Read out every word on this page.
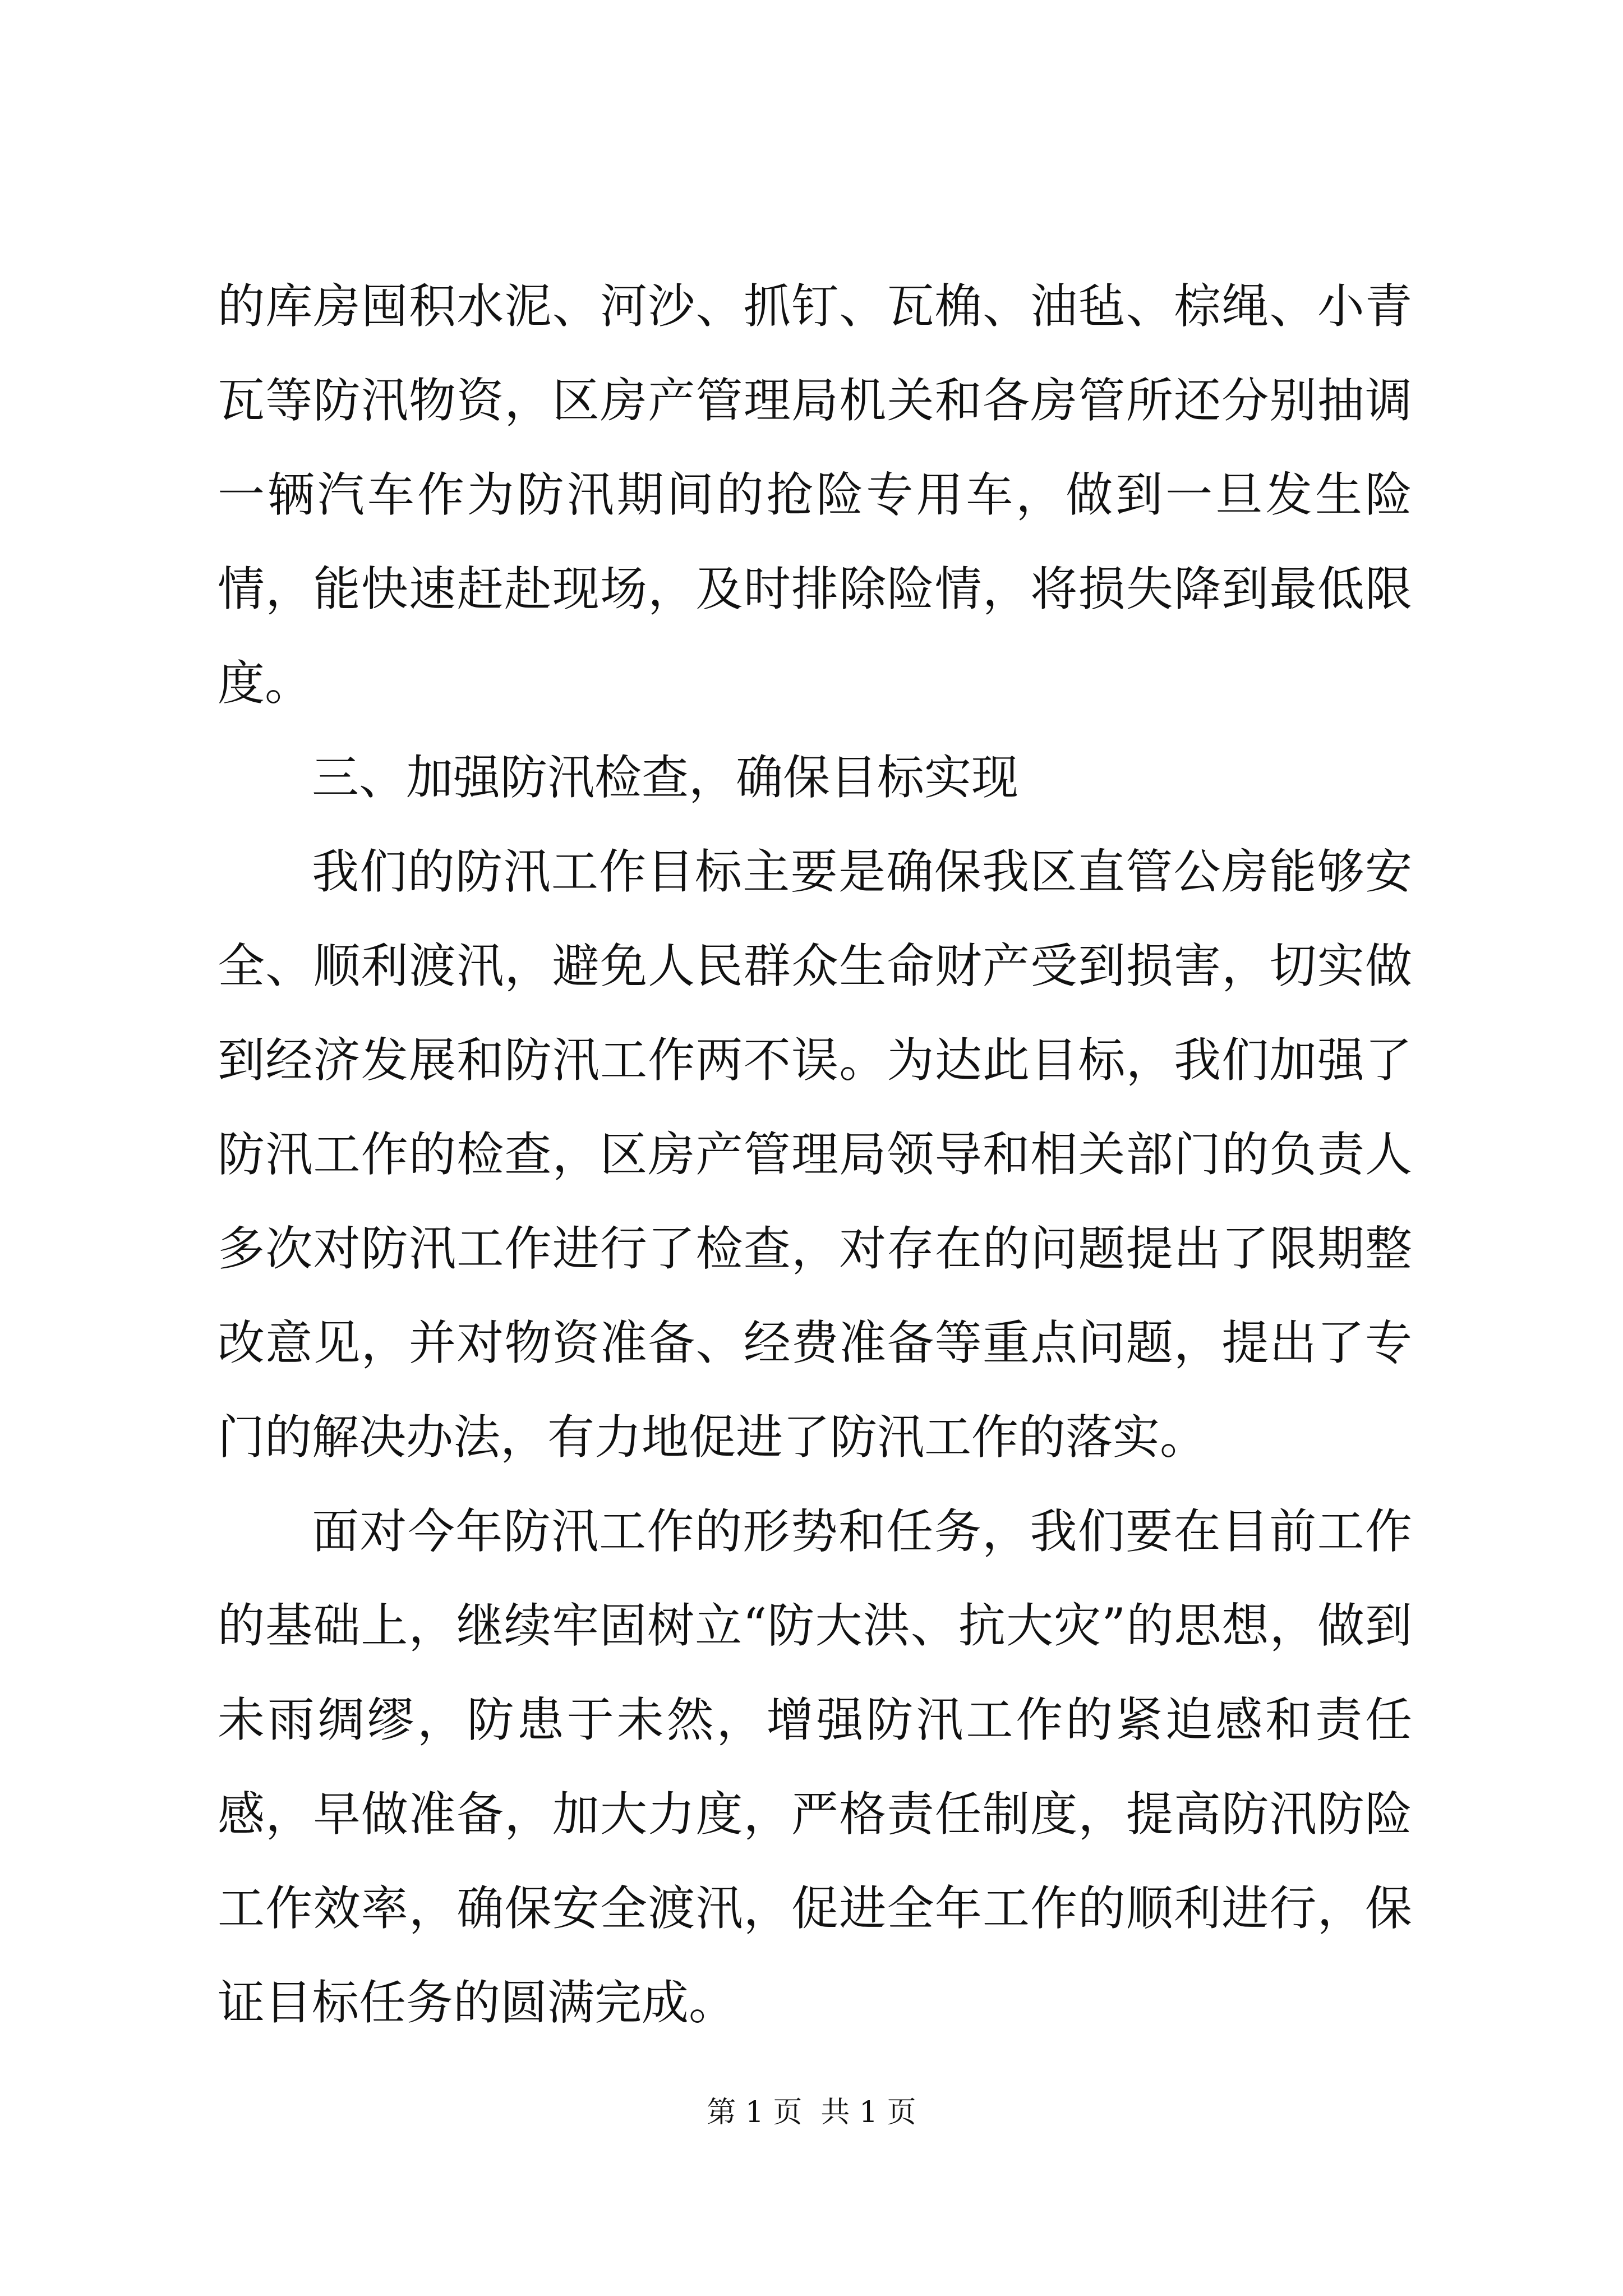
的库房囤积水泥、河沙、抓钉、瓦桷、油毡、棕绳、小青瓦等防汛物资，区房产管理局机关和各房管所还分别抽调一辆汽车作为防汛期间的抢险专用车，做到一旦发生险情，能快速赶赴现场，及时排除险情，将损失降到最低限度。

三、加强防汛检查，确保目标实现

我们的防汛工作目标主要是确保我区直管公房能够安全、顺利渡汛，避免人民群众生命财产受到损害，切实做到经济发展和防汛工作两不误。为达此目标，我们加强了防汛工作的检查，区房产管理局领导和相关部门的负责人多次对防汛工作进行了检查，对存在的问题提出了限期整改意见，并对物资准备、经费准备等重点问题，提出了专门的解决办法，有力地促进了防汛工作的落实。

面对今年防汛工作的形势和任务，我们要在目前工作的基础上，继续牢固树立“防大洪、抗大灾”的思想，做到未雨绸缪，防患于未然，增强防汛工作的紧迫感和责任感，早做准备，加大力度，严格责任制度，提高防汛防险工作效率，确保安全渡汛，促进全年工作的顺利进行，保证目标任务的圆满完成。

第 1 页  共 1 页
